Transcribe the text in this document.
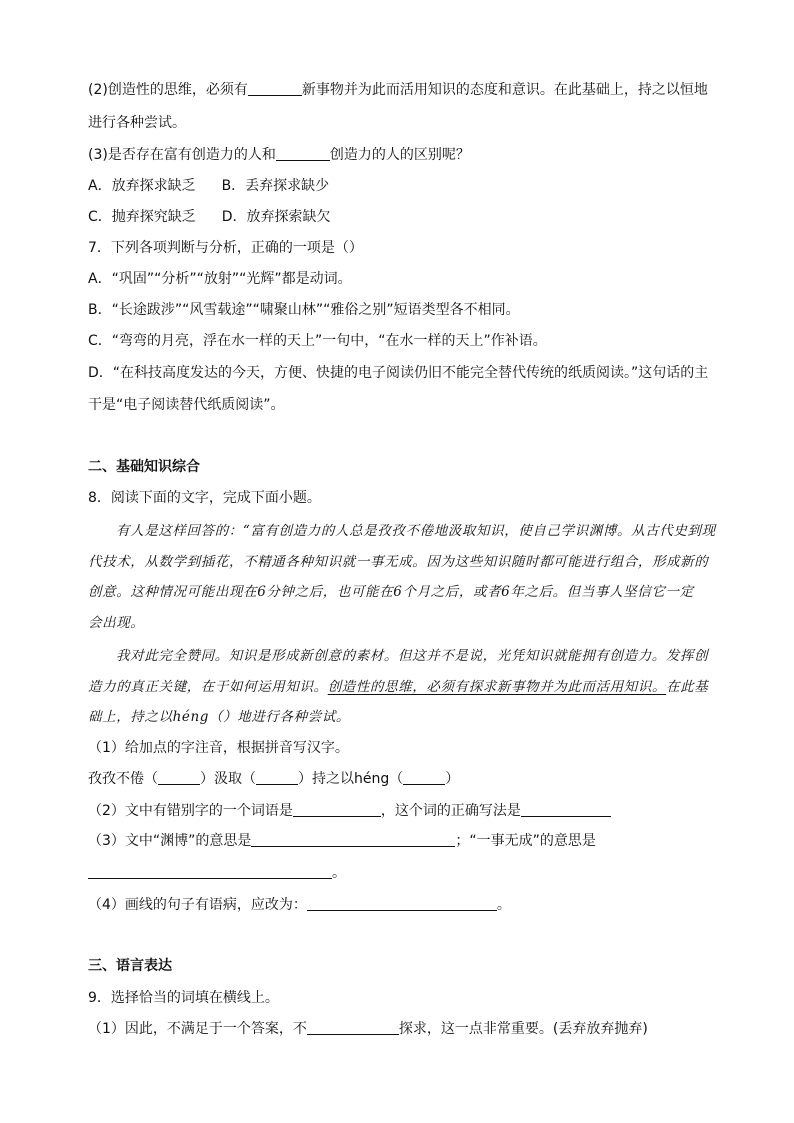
(2)创造性的思维，必须有	新事物并为此而活用知识的态度和意识。在此基础上，持之以恒地
进行各种尝试。
(3)是否存在富有创造力的人和	创造力的人的区别呢？
A．放弃探求缺乏 B．丢弃探求缺少
C．抛弃探究缺乏 D．放弃探索缺欠
7．下列各项判断与分析，正确的一项是（）
A．“巩固”“分析”“放射”“光辉”都是动词。
B．“长途跋涉”“风雪载途”“啸聚山林”“雅俗之别”短语类型各不相同。
C．“弯弯的月亮，浮在水一样的天上”一句中，“在水一样的天上”作补语。
D．“在科技高度发达的今天，方便、快捷的电子阅读仍旧不能完全替代传统的纸质阅读。”这句话的主
干是“电子阅读替代纸质阅读”。
二、基础知识综合
8．阅读下面的文字，完成下面小题。
有人是这样回答的：“富有创造力的人总是孜孜不倦地汲取知识，使自己学识渊博。从古代史到现
代技术，从数学到插花，不精通各种知识就一事无成。因为这些知识随时都可能进行组合，形成新的
创意。这种情况可能出现在6分钟之后，也可能在6个月之后，或者6年之后。但当事人坚信它一定
会出现。
我对此完全赞同。知识是形成新创意的素材。但这并不是说，光凭知识就能拥有创造力。发挥创
造力的真正关键，在于如何运用知识。创造性的思维，必须有探求新事物并为此而活用知识。在此基
础上，持之以héng（）地进行各种尝试。
（1）给加点的字注音，根据拼音写汉字。
孜孜不倦（	）汲取（	）持之以héng（	）
（2）文中有错别字的一个词语是	，这个词的正确写法是
（3）文中“渊博”的意思是	；“一事无成”的意思是
。
（4）画线的句子有语病，应改为：	。
三、语言表达
9．选择恰当的词填在横线上。
（1）因此，不满足于一个答案，不	探求，这一点非常重要。(丢弃放弃抛弃)
